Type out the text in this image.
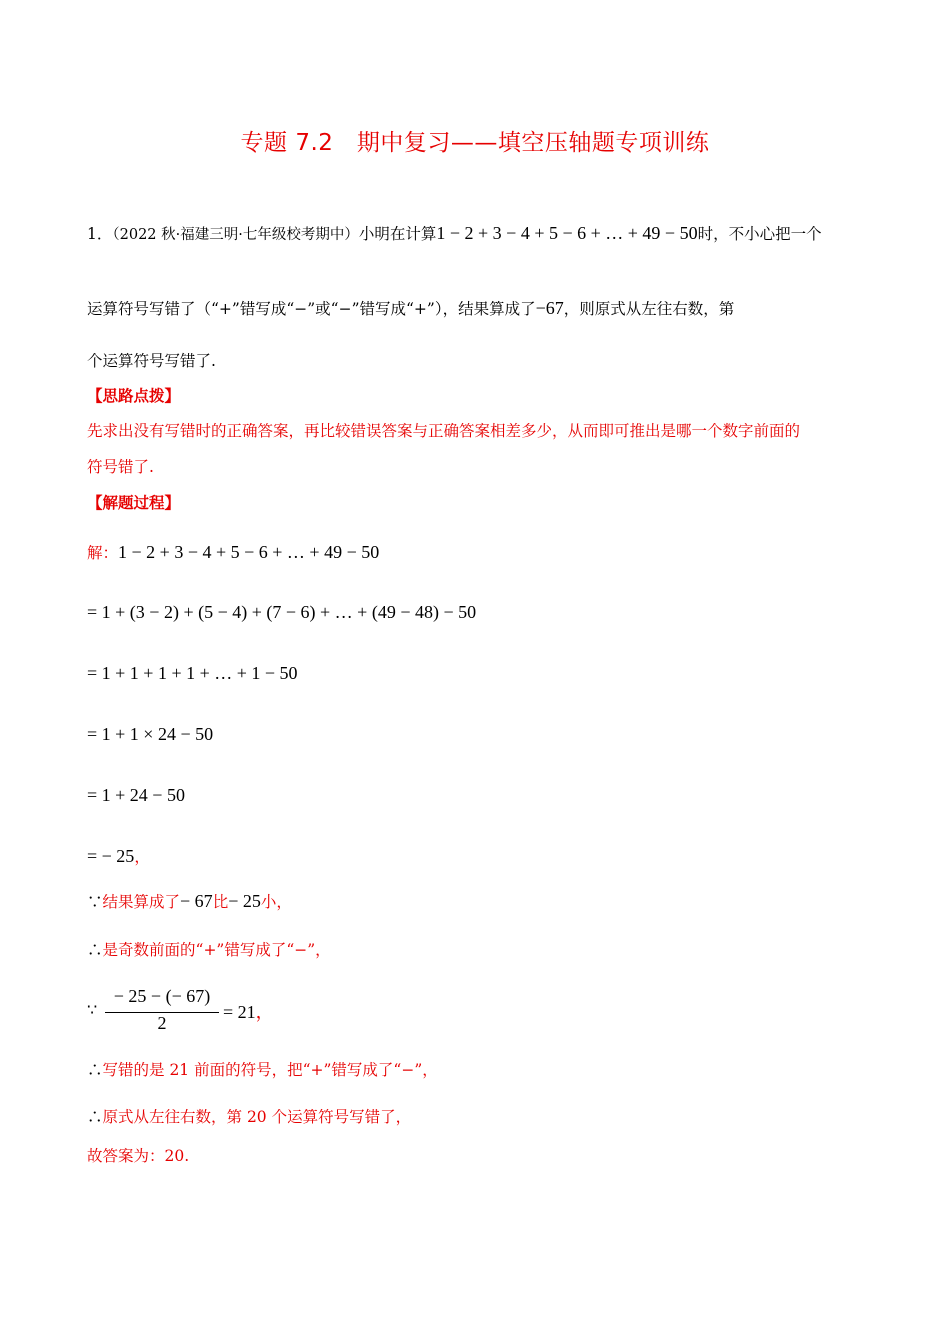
专题 7.2　期中复习——填空压轴题专项训练
1．（2022 秋·福建三明·七年级校考期中）小明在计算1 − 2 + 3 − 4 + 5 − 6 + … + 49 − 50时，不小心把一个
运算符号写错了（“+”错写成“−”或“−”错写成“+”），结果算成了−67，则原式从左往右数，第
个运算符号写错了.
【思路点拨】
先求出没有写错时的正确答案，再比较错误答案与正确答案相差多少，从而即可推出是哪一个数字前面的
符号错了.
【解题过程】
解：1 − 2 + 3 − 4 + 5 − 6 + … + 49 − 50
= 1 + (3 − 2) + (5 − 4) + (7 − 6) + … + (49 − 48) − 50
= 1 + 1 + 1 + 1 + … + 1 − 50
= 1 + 1 × 24 − 50
= 1 + 24 − 50
= − 25，
∵结果算成了− 67比− 25小，
∴是奇数前面的“+”错写成了“−”，
∵
− 25 − (− 67)
2
= 21，
∴写错的是 21 前面的符号，把“+”错写成了“−”，
∴原式从左往右数，第 20 个运算符号写错了，
故答案为：20.
